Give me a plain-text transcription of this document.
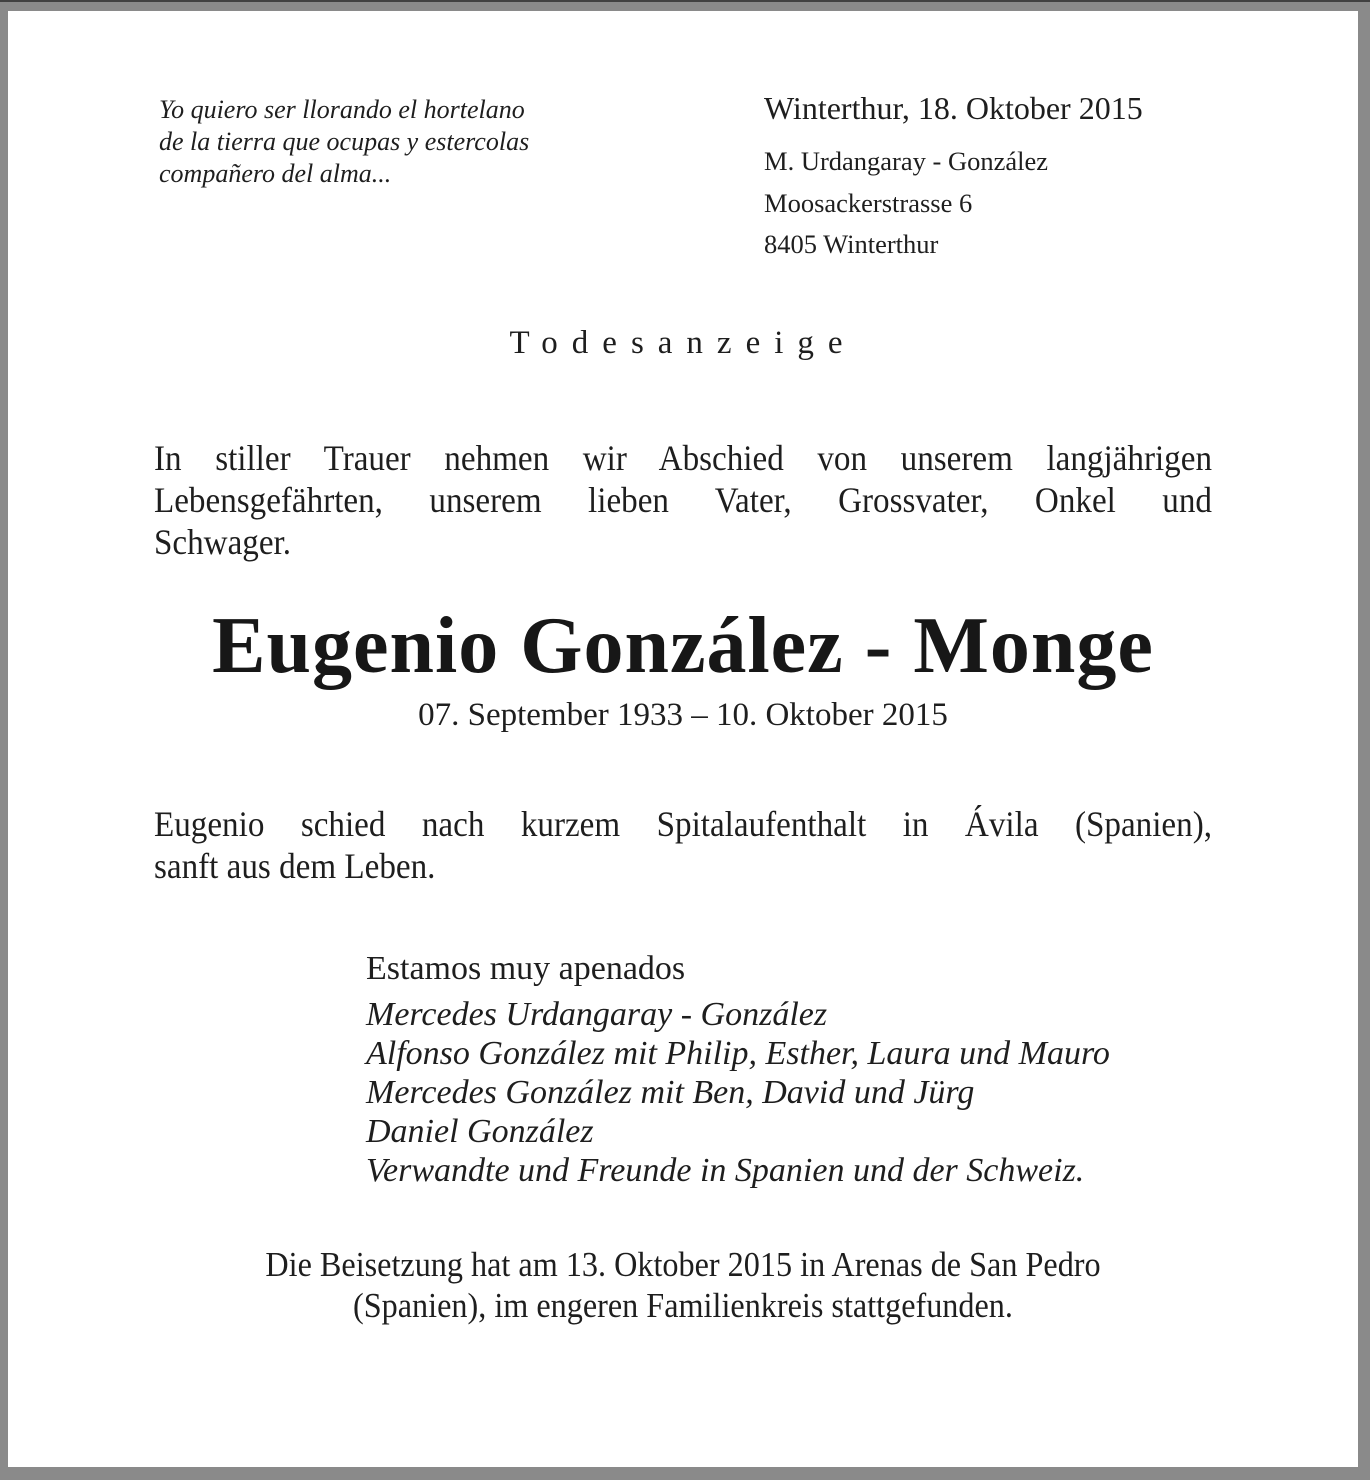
Yo quiero ser llorando el hortelano
de la tierra que ocupas y estercolas
compañero del alma...
Winterthur, 18. Oktober 2015
M. Urdangaray - González
Moosackerstrasse 6
8405 Winterthur
Todesanzeige
In stiller Trauer nehmen wir Abschied von unserem langjährigen
Lebensgefährten, unserem lieben Vater, Grossvater, Onkel und
Schwager.
Eugenio González - Monge
07. September 1933 – 10. Oktober 2015
Eugenio schied nach kurzem Spitalaufenthalt in Ávila (Spanien),
sanft aus dem Leben.
Estamos muy apenados
Mercedes Urdangaray - González
Alfonso González mit Philip, Esther, Laura und Mauro
Mercedes González mit Ben, David und Jürg
Daniel González
Verwandte und Freunde in Spanien und der Schweiz.
Die Beisetzung hat am 13. Oktober 2015 in Arenas de San Pedro
(Spanien), im engeren Familienkreis stattgefunden.
